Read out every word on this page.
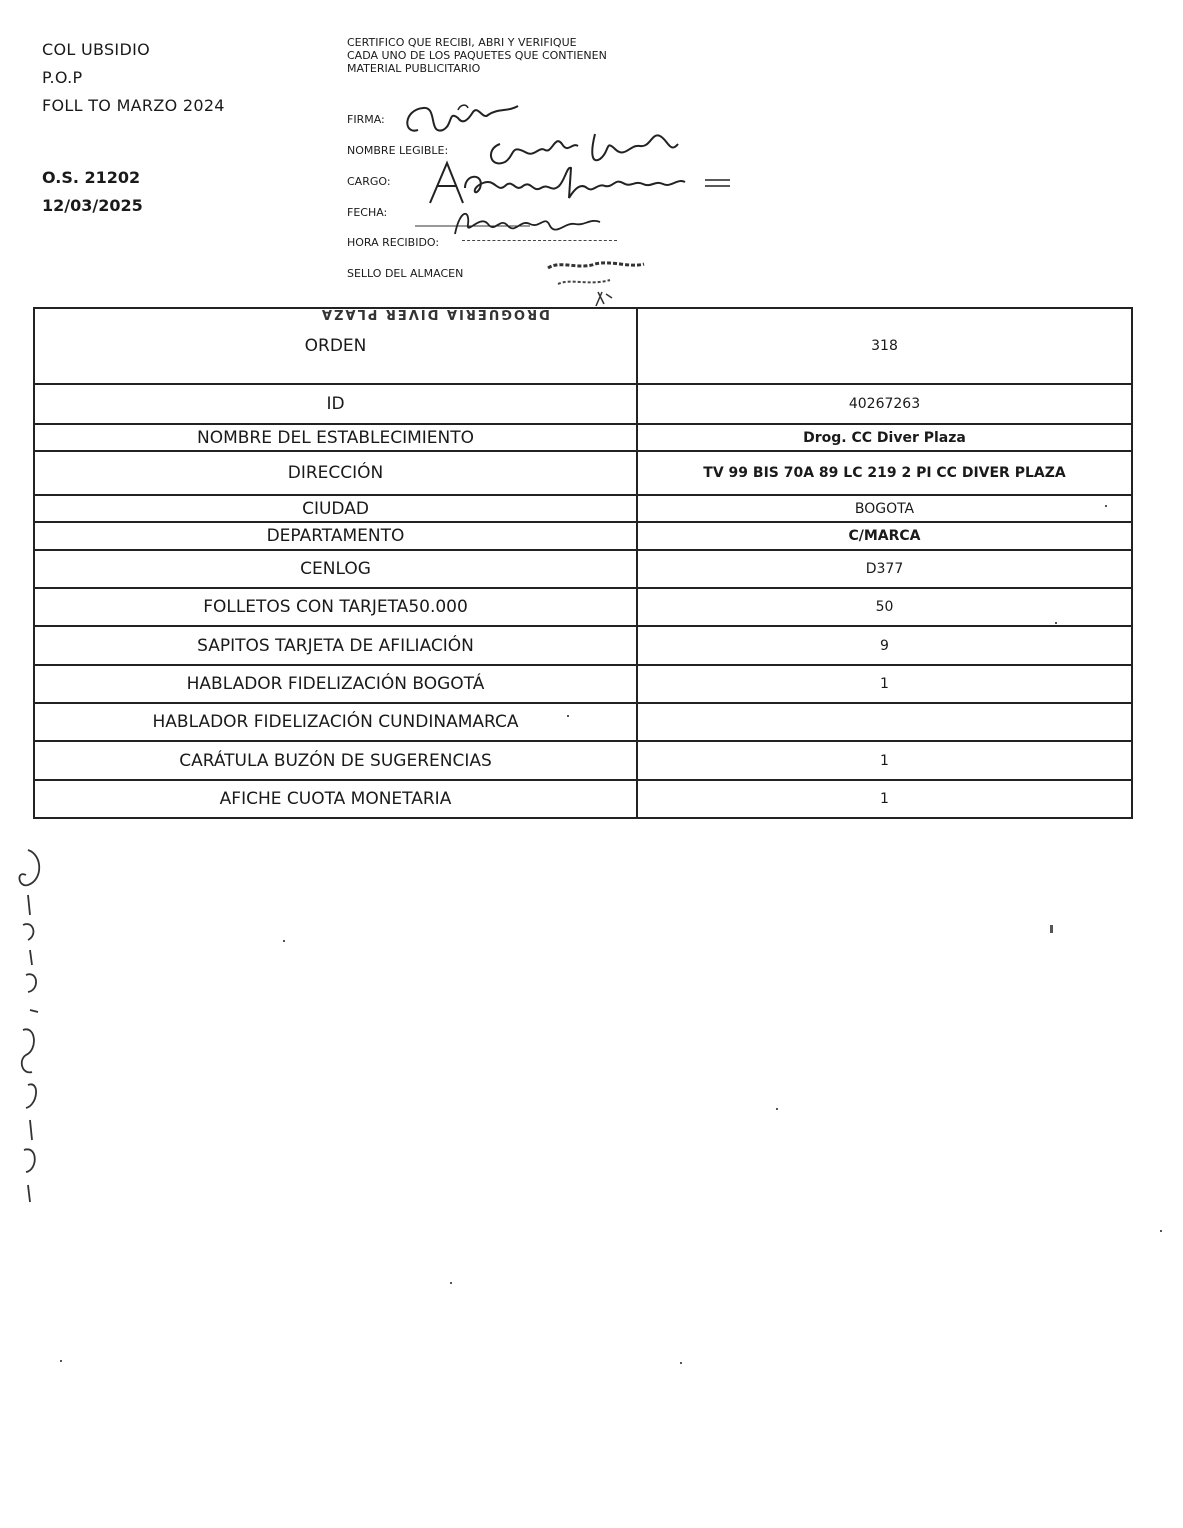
COL UBSIDIO
P.O.P
FOLL TO MARZO 2024
O.S. 21202
12/03/2025
CERTIFICO QUE RECIBI, ABRI Y VERIFIQUE CADA UNO DE LOS PAQUETES QUE CONTIENEN MATERIAL PUBLICITARIO
FIRMA:
NOMBRE LEGIBLE:
CARGO:
FECHA:
HORA RECIBIDO:
SELLO DEL ALMACEN
DROGUERIA DIVER PLAZA
ORDEN	318
ID	40267263
NOMBRE DEL ESTABLECIMIENTO	Drog. CC Diver Plaza
DIRECCIÓN	TV 99 BIS 70A 89 LC 219 2 PI CC DIVER PLAZA
CIUDAD	BOGOTA
DEPARTAMENTO	C/MARCA
CENLOG	D377
FOLLETOS CON TARJETA50.000	50
SAPITOS TARJETA DE AFILIACIÓN	9
HABLADOR FIDELIZACIÓN BOGOTÁ	1
HABLADOR FIDELIZACIÓN CUNDINAMARCA	
CARÁTULA BUZÓN DE SUGERENCIAS	1
AFICHE CUOTA MONETARIA	1
